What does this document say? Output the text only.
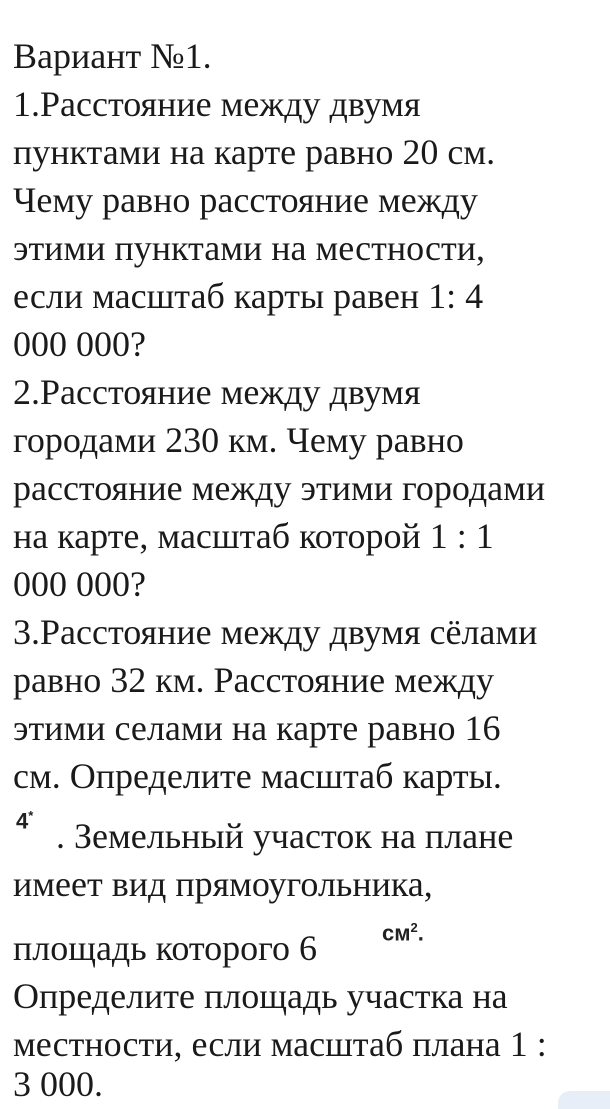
Вариант №1.
1.Расстояние между двумя
пунктами на карте равно 20 см.
Чему равно расстояние между
этими пунктами на местности,
если масштаб карты равен 1: 4
000 000?
2.Расстояние между двумя
городами 230 км. Чему равно
расстояние между этими городами
на карте, масштаб которой 1 : 1
000 000?
3.Расстояние между двумя сёлами
равно 32 км. Расстояние между
этими селами на карте равно 16
см. Определите масштаб карты.
4*
. Земельный участок на плане
имеет вид прямоугольника,
площадь которого 6	$см^2$.
Определите площадь участка на
местности, если масштаб плана 1 :
3 000.
